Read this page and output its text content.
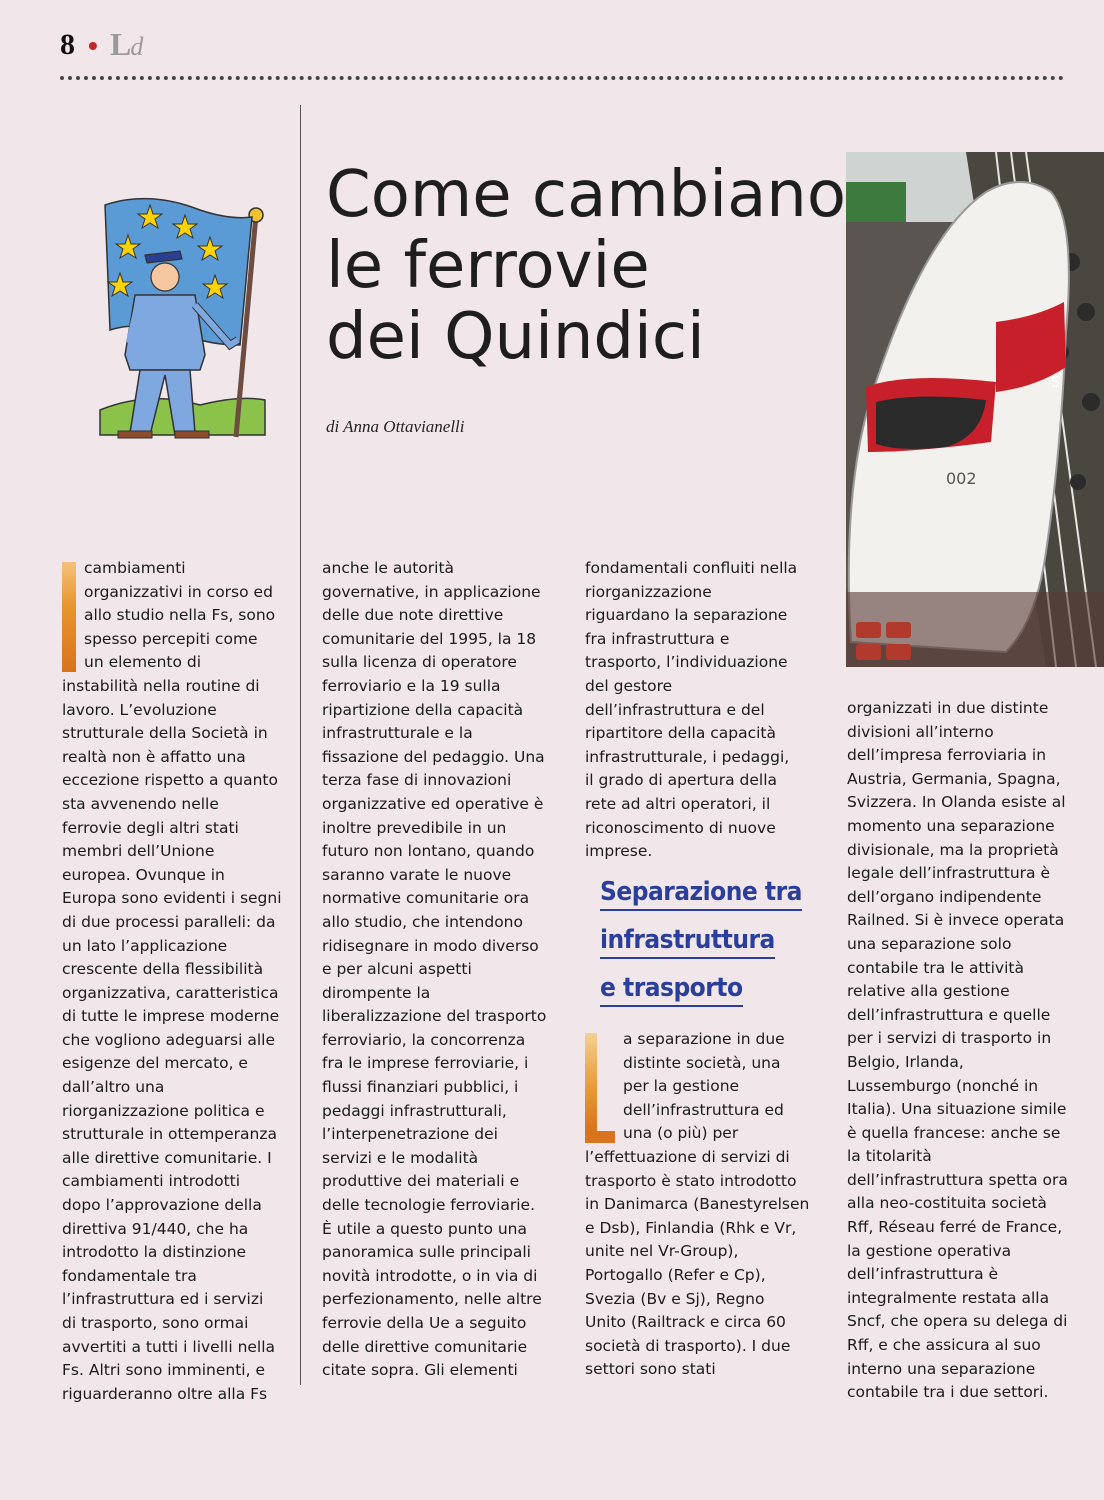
8 • Ld
Come cambiano
le ferrovie
dei Quindici
di Anna Ottavianelli
002
5

cambiamenti organizzativi in corso ed allo studio nella Fs, sono spesso percepiti come un elemento di instabilità nella routine di lavoro. L’evoluzione strutturale della Società in realtà non è affatto una eccezione rispetto a quanto sta avvenendo nelle ferrovie degli altri stati membri dell’Unione europea. Ovunque in Europa sono evidenti i segni di due processi paralleli: da un lato l’applicazione crescente della flessibilità organizzativa, caratteristica di tutte le imprese moderne che vogliono adeguarsi alle esigenze del mercato, e dall’altro una riorganizzazione politica e strutturale in ottemperanza alle direttive comunitarie. I cambiamenti introdotti dopo l’approvazione della direttiva 91/440, che ha introdotto la distinzione fondamentale tra l’infrastruttura ed i servizi di trasporto, sono ormai avvertiti a tutti i livelli nella Fs. Altri sono imminenti, e riguarderanno oltre alla Fs

anche le autorità governative, in applicazione delle due note direttive comunitarie del 1995, la 18 sulla licenza di operatore ferroviario e la 19 sulla ripartizione della capacità infrastrutturale e la fissazione del pedaggio. Una terza fase di innovazioni organizzative ed operative è inoltre prevedibile in un futuro non lontano, quando saranno varate le nuove normative comunitarie ora allo studio, che intendono ridisegnare in modo diverso e per alcuni aspetti dirompente la liberalizzazione del trasporto ferroviario, la concorrenza fra le imprese ferroviarie, i flussi finanziari pubblici, i pedaggi infrastrutturali, l’interpenetrazione dei servizi e le modalità produttive dei materiali e delle tecnologie ferroviarie. È utile a questo punto una panoramica sulle principali novità introdotte, o in via di perfezionamento, nelle altre ferrovie della Ue a seguito delle direttive comunitarie citate sopra. Gli elementi

fondamentali confluiti nella riorganizzazione riguardano la separazione fra infrastruttura e trasporto, l’individuazione del gestore dell’infrastruttura e del ripartitore della capacità infrastrutturale, i pedaggi, il grado di apertura della rete ad altri operatori, il riconoscimento di nuove imprese.

Separazione tra
infrastruttura
e trasporto

a separazione in due distinte società, una per la gestione dell’infrastruttura ed una (o più) per l’effettuazione di servizi di trasporto è stato introdotto in Danimarca (Banestyrelsen e Dsb), Finlandia (Rhk e Vr, unite nel Vr-Group), Portogallo (Refer e Cp), Svezia (Bv e Sj), Regno Unito (Railtrack e circa 60 società di trasporto). I due settori sono stati

organizzati in due distinte divisioni all’interno dell’impresa ferroviaria in Austria, Germania, Spagna, Svizzera. In Olanda esiste al momento una separazione divisionale, ma la proprietà legale dell’infrastruttura è dell’organo indipendente Railned. Si è invece operata una separazione solo contabile tra le attività relative alla gestione dell’infrastruttura e quelle per i servizi di trasporto in Belgio, Irlanda, Lussemburgo (nonché in Italia). Una situazione simile è quella francese: anche se la titolarità dell’infrastruttura spetta ora alla neo-costituita società Rff, Réseau ferré de France, la gestione operativa dell’infrastruttura è integralmente restata alla Sncf, che opera su delega di Rff, e che assicura al suo interno una separazione contabile tra i due settori.
